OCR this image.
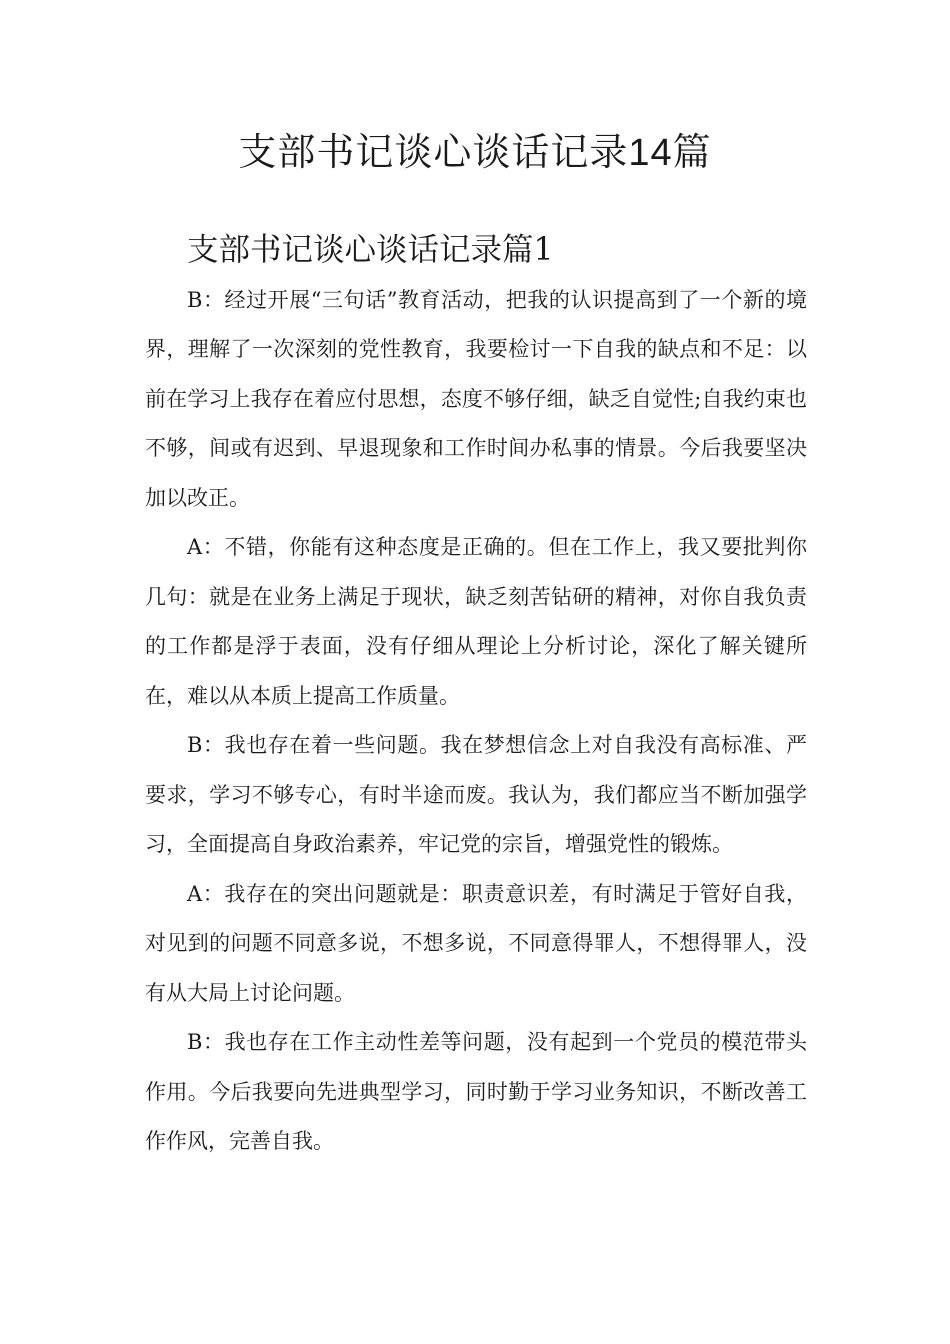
支部书记谈心谈话记录14篇
支部书记谈心谈话记录篇1

B：经过开展“三句话”教育活动，把我的认识提高到了一个新的境界，理解了一次深刻的党性教育，我要检讨一下自我的缺点和不足：以前在学习上我存在着应付思想，态度不够仔细，缺乏自觉性;自我约束也不够，间或有迟到、早退现象和工作时间办私事的情景。今后我要坚决加以改正。

A：不错，你能有这种态度是正确的。但在工作上，我又要批判你几句：就是在业务上满足于现状，缺乏刻苦钻研的精神，对你自我负责的工作都是浮于表面，没有仔细从理论上分析讨论，深化了解关键所在，难以从本质上提高工作质量。

B：我也存在着一些问题。我在梦想信念上对自我没有高标准、严要求，学习不够专心，有时半途而废。我认为，我们都应当不断加强学习，全面提高自身政治素养，牢记党的宗旨，增强党性的锻炼。

A：我存在的突出问题就是：职责意识差，有时满足于管好自我，对见到的问题不同意多说，不想多说，不同意得罪人，不想得罪人，没有从大局上讨论问题。

B：我也存在工作主动性差等问题，没有起到一个党员的模范带头作用。今后我要向先进典型学习，同时勤于学习业务知识，不断改善工作作风，完善自我。
